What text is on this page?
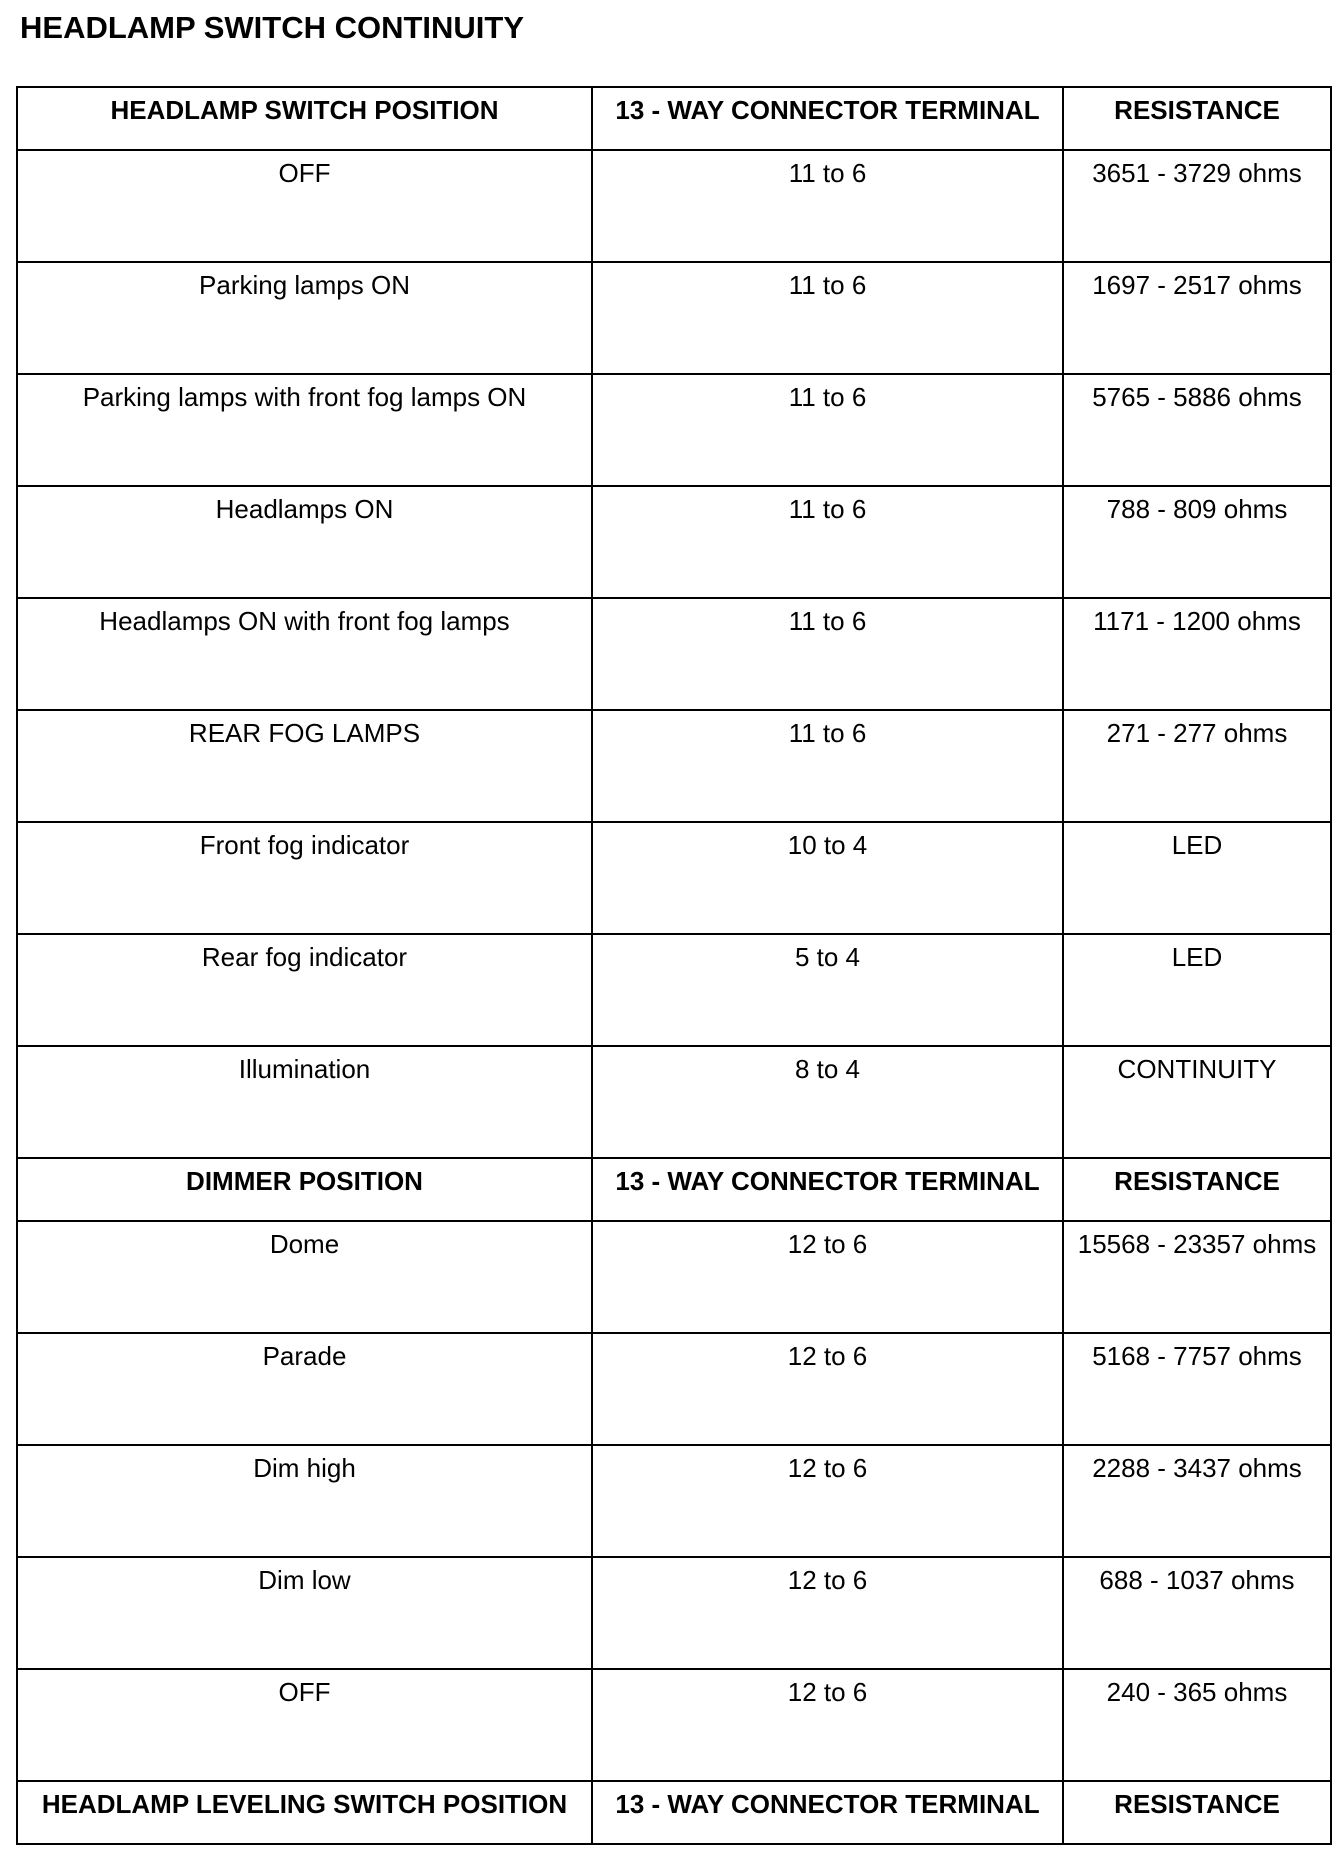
HEADLAMP SWITCH CONTINUITY
HEADLAMP SWITCH POSITION	13 - WAY CONNECTOR TERMINAL	RESISTANCE
OFF	11 to 6	3651 - 3729 ohms
Parking lamps ON	11 to 6	1697 - 2517 ohms
Parking lamps with front fog lamps ON	11 to 6	5765 - 5886 ohms
Headlamps ON	11 to 6	788 - 809 ohms
Headlamps ON with front fog lamps	11 to 6	1171 - 1200 ohms
REAR FOG LAMPS	11 to 6	271 - 277 ohms
Front fog indicator	10 to 4	LED
Rear fog indicator	5 to 4	LED
Illumination	8 to 4	CONTINUITY
DIMMER POSITION	13 - WAY CONNECTOR TERMINAL	RESISTANCE
Dome	12 to 6	15568 - 23357 ohms
Parade	12 to 6	5168 - 7757 ohms
Dim high	12 to 6	2288 - 3437 ohms
Dim low	12 to 6	688 - 1037 ohms
OFF	12 to 6	240 - 365 ohms
HEADLAMP LEVELING SWITCH POSITION	13 - WAY CONNECTOR TERMINAL	RESISTANCE
